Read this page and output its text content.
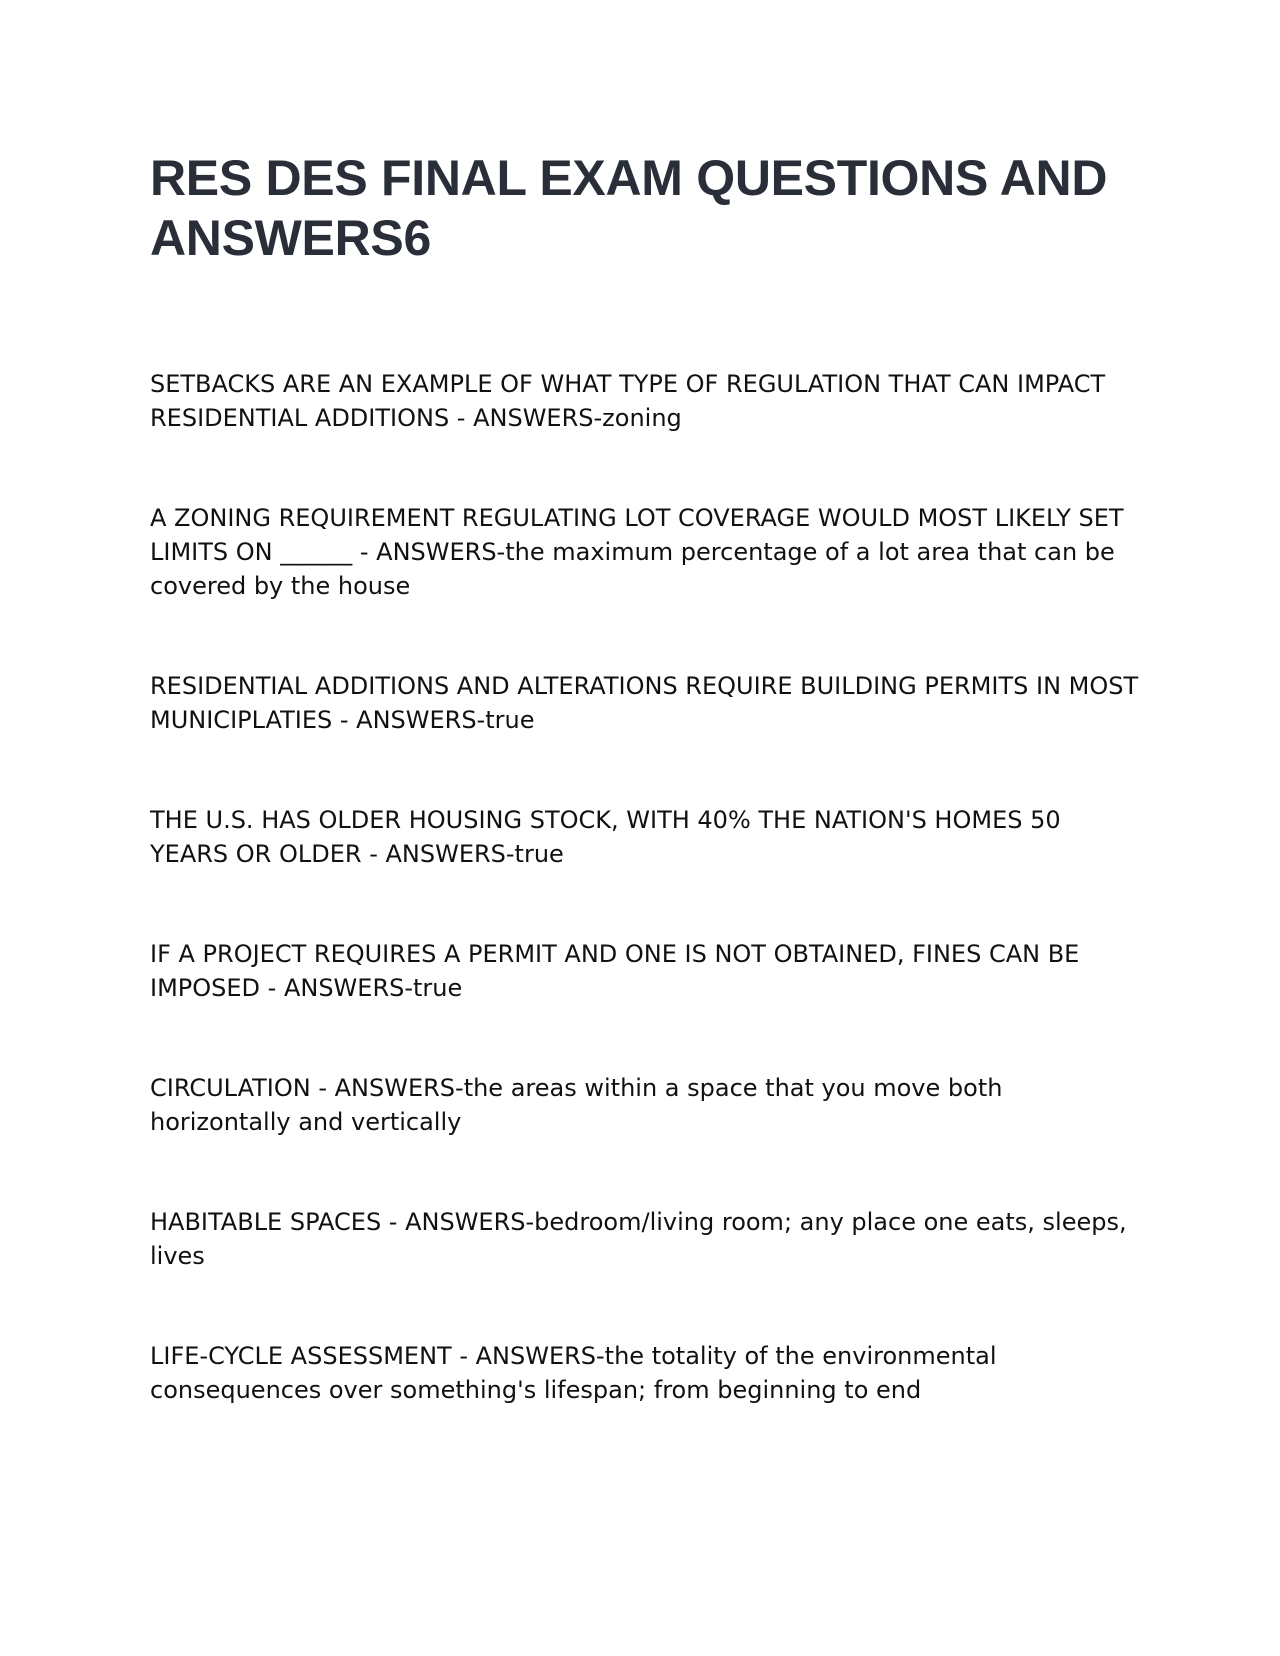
RES DES FINAL EXAM QUESTIONS AND ANSWERS6
SETBACKS ARE AN EXAMPLE OF WHAT TYPE OF REGULATION THAT CAN IMPACT RESIDENTIAL ADDITIONS - ANSWERS-zoning
A ZONING REQUIREMENT REGULATING LOT COVERAGE WOULD MOST LIKELY SET LIMITS ON ______ - ANSWERS-the maximum percentage of a lot area that can be covered by the house
RESIDENTIAL ADDITIONS AND ALTERATIONS REQUIRE BUILDING PERMITS IN MOST MUNICIPLATIES - ANSWERS-true
THE U.S. HAS OLDER HOUSING STOCK, WITH 40% THE NATION'S HOMES 50 YEARS OR OLDER - ANSWERS-true
IF A PROJECT REQUIRES A PERMIT AND ONE IS NOT OBTAINED, FINES CAN BE IMPOSED - ANSWERS-true
CIRCULATION - ANSWERS-the areas within a space that you move both horizontally and vertically
HABITABLE SPACES - ANSWERS-bedroom/living room; any place one eats, sleeps, lives
LIFE-CYCLE ASSESSMENT - ANSWERS-the totality of the environmental consequences over something's lifespan; from beginning to end
